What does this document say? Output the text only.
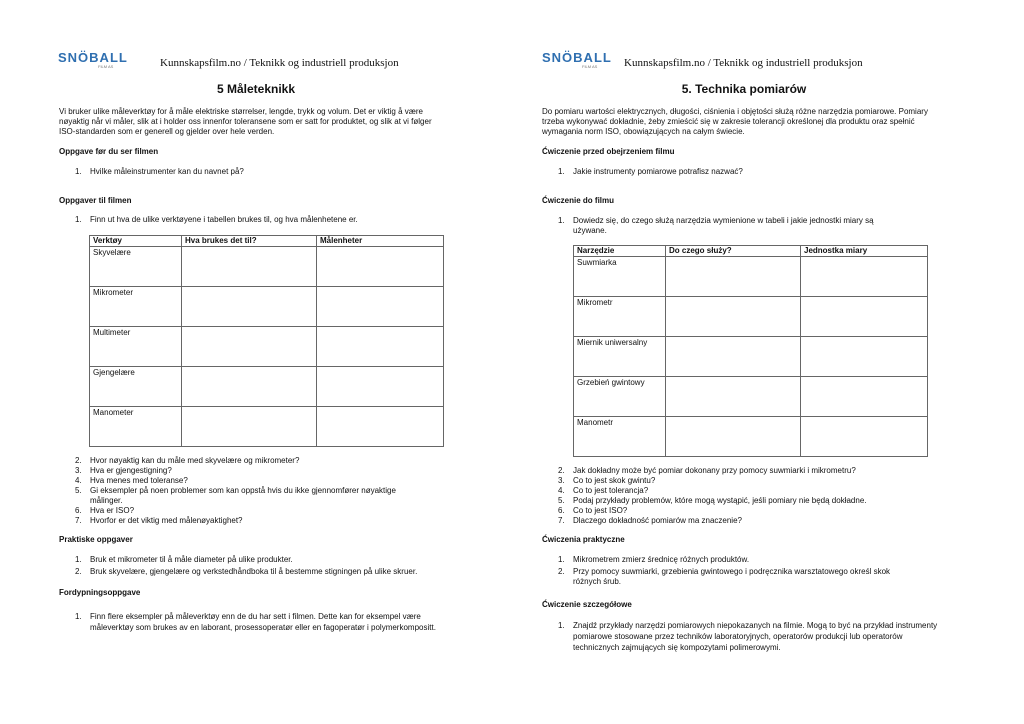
SNÖBALL
FILM AS	Kunnskapsfilm.no / Teknikk og industriell produksjon
5 Måleteknikk
Vi bruker ulike måleverktøy for å måle elektriske størrelser, lengde, trykk og volum. Det er viktig å være nøyaktig når vi måler, slik at i holder oss innenfor toleransene som er satt for produktet, og slik at vi følger ISO-standarden som er generell og gjelder over hele verden.
Oppgave før du ser filmen
1. Hvilke måleinstrumenter kan du navnet på?
Oppgaver til filmen
1. Finn ut hva de ulike verktøyene i tabellen brukes til, og hva målenhetene er.
Verktøy	Hva brukes det til?	Målenheter
Skyvelære		
Mikrometer		
Multimeter		
Gjengelære		
Manometer		
2. Hvor nøyaktig kan du måle med skyvelære og mikrometer?
3. Hva er gjengestigning?
4. Hva menes med toleranse?
5. Gi eksempler på noen problemer som kan oppstå hvis du ikke gjennomfører nøyaktige målinger.
6. Hva er ISO?
7. Hvorfor er det viktig med målenøyaktighet?
Praktiske oppgaver
1. Bruk et mikrometer til å måle diameter på ulike produkter.
2. Bruk skyvelære, gjengelære og verkstedhåndboka til å bestemme stigningen på ulike skruer.
Fordypningsoppgave
1. Finn flere eksempler på måleverktøy enn de du har sett i filmen. Dette kan for eksempel være måleverktøy som brukes av en laborant, prosessoperatør eller en fagoperatør i polymerkompositt.
SNÖBALL
FILM AS Kunnskapsfilm.no / Teknikk og industriell produksjon
5. Technika pomiarów
Do pomiaru wartości elektrycznych, długości, ciśnienia i objętości służą różne narzędzia pomiarowe. Pomiary trzeba wykonywać dokładnie, żeby zmieścić się w zakresie tolerancji określonej dla produktu oraz spełnić wymagania norm ISO, obowiązujących na całym świecie.
Ćwiczenie przed obejrzeniem filmu
1. Jakie instrumenty pomiarowe potrafisz nazwać?
Ćwiczenie do filmu
1. Dowiedz się, do czego służą narzędzia wymienione w tabeli i jakie jednostki miary są używane.
Narzędzie	Do czego służy?	Jednostka miary
Suwmiarka		
Mikrometr		
Miernik uniwersalny		
Grzebień gwintowy		
Manometr		
2. Jak dokładny może być pomiar dokonany przy pomocy suwmiarki i mikrometru?
3. Co to jest skok gwintu?
4. Co to jest tolerancja?
5. Podaj przykłady problemów, które mogą wystąpić, jeśli pomiary nie będą dokładne.
6. Co to jest ISO?
7. Dlaczego dokładność pomiarów ma znaczenie?
Ćwiczenia praktyczne
1. Mikrometrem zmierz średnicę różnych produktów.
2. Przy pomocy suwmiarki, grzebienia gwintowego i podręcznika warsztatowego określ skok różnych śrub.
Ćwiczenie szczegółowe
1. Znajdź przykłady narzędzi pomiarowych niepokazanych na filmie. Mogą to być na przykład instrumenty pomiarowe stosowane przez techników laboratoryjnych, operatorów produkcji lub operatorów technicznych zajmujących się kompozytami polimerowymi.
